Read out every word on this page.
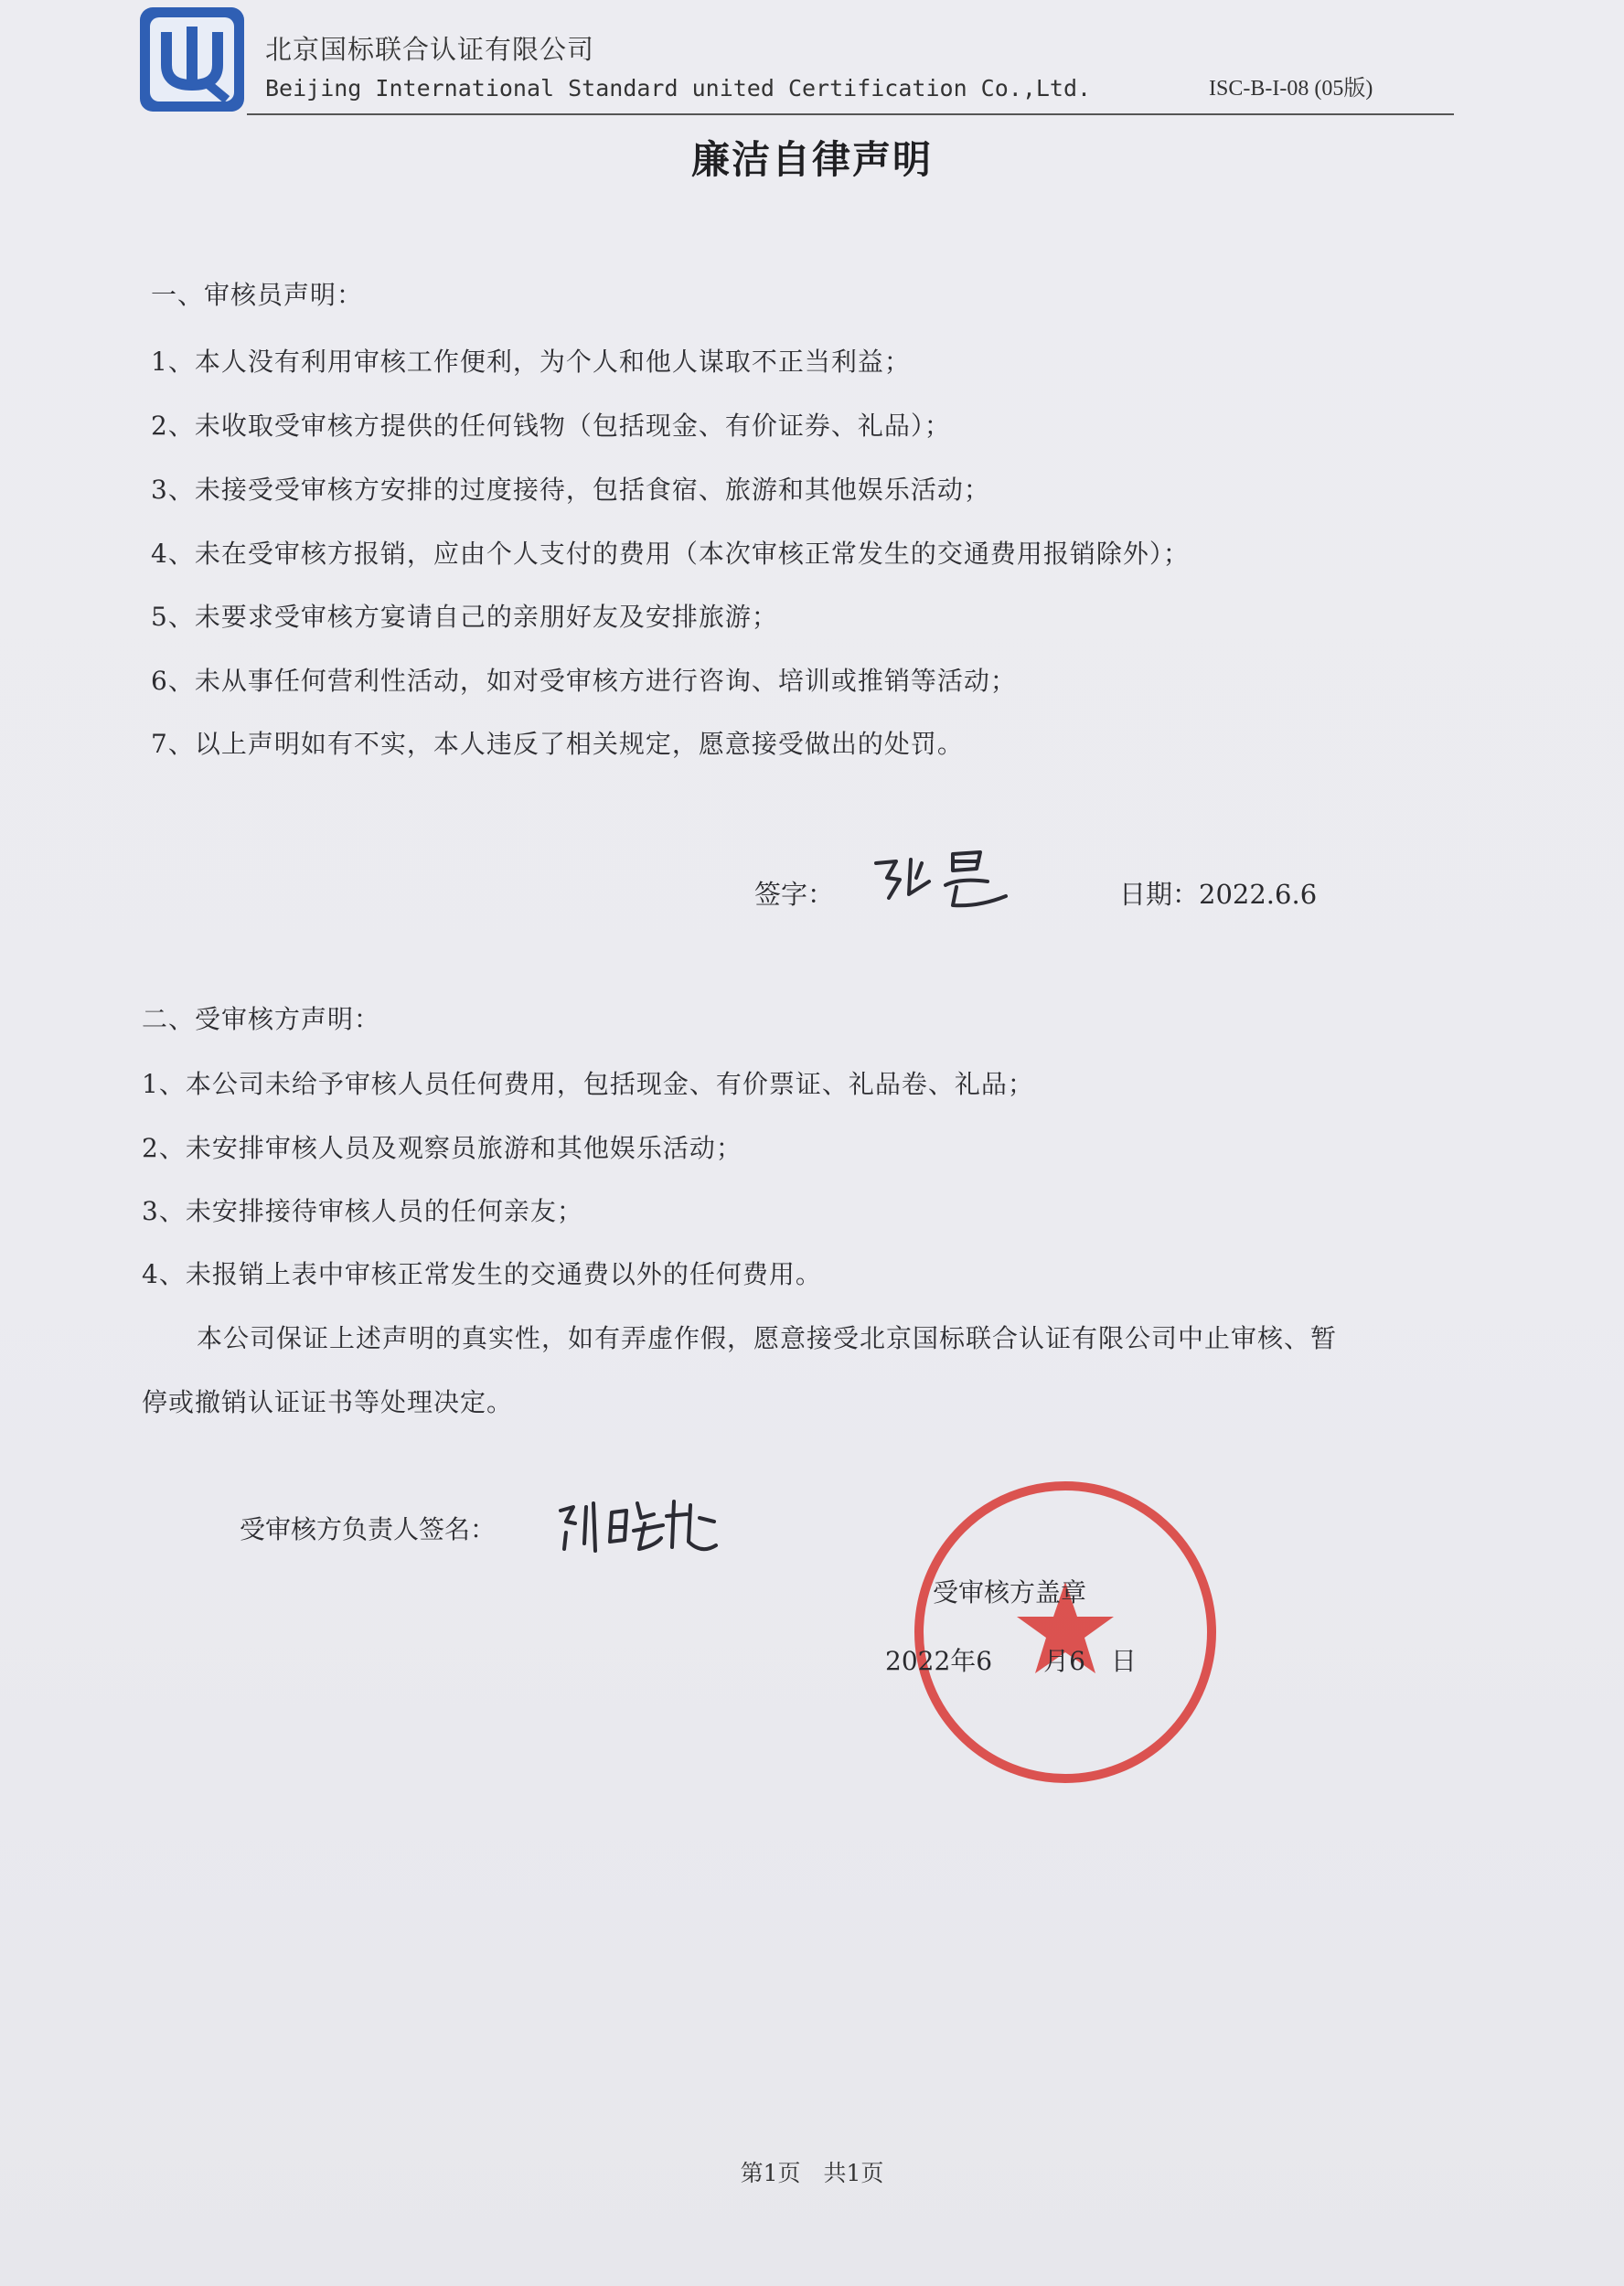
北京国标联合认证有限公司
Beijing International Standard united Certification Co.,Ltd.	ISC-B-I-08 (05版)
廉洁自律声明
一、审核员声明：
1、本人没有利用审核工作便利，为个人和他人谋取不正当利益；
2、未收取受审核方提供的任何钱物（包括现金、有价证券、礼品）；
3、未接受受审核方安排的过度接待，包括食宿、旅游和其他娱乐活动；
4、未在受审核方报销，应由个人支付的费用（本次审核正常发生的交通费用报销除外）；
5、未要求受审核方宴请自己的亲朋好友及安排旅游；
6、未从事任何营利性活动，如对受审核方进行咨询、培训或推销等活动；
7、以上声明如有不实，本人违反了相关规定，愿意接受做出的处罚。
签字：	日期：2022.6.6
二、受审核方声明：
1、本公司未给予审核人员任何费用，包括现金、有价票证、礼品卷、礼品；
2、未安排审核人员及观察员旅游和其他娱乐活动；
3、未安排接待审核人员的任何亲友；
4、未报销上表中审核正常发生的交通费以外的任何费用。
本公司保证上述声明的真实性，如有弄虚作假，愿意接受北京国标联合认证有限公司中止审核、暂
停或撤销认证证书等处理决定。
受审核方负责人签名：
受审核方盖章
2022年6　　月6　日
第1页　共1页
